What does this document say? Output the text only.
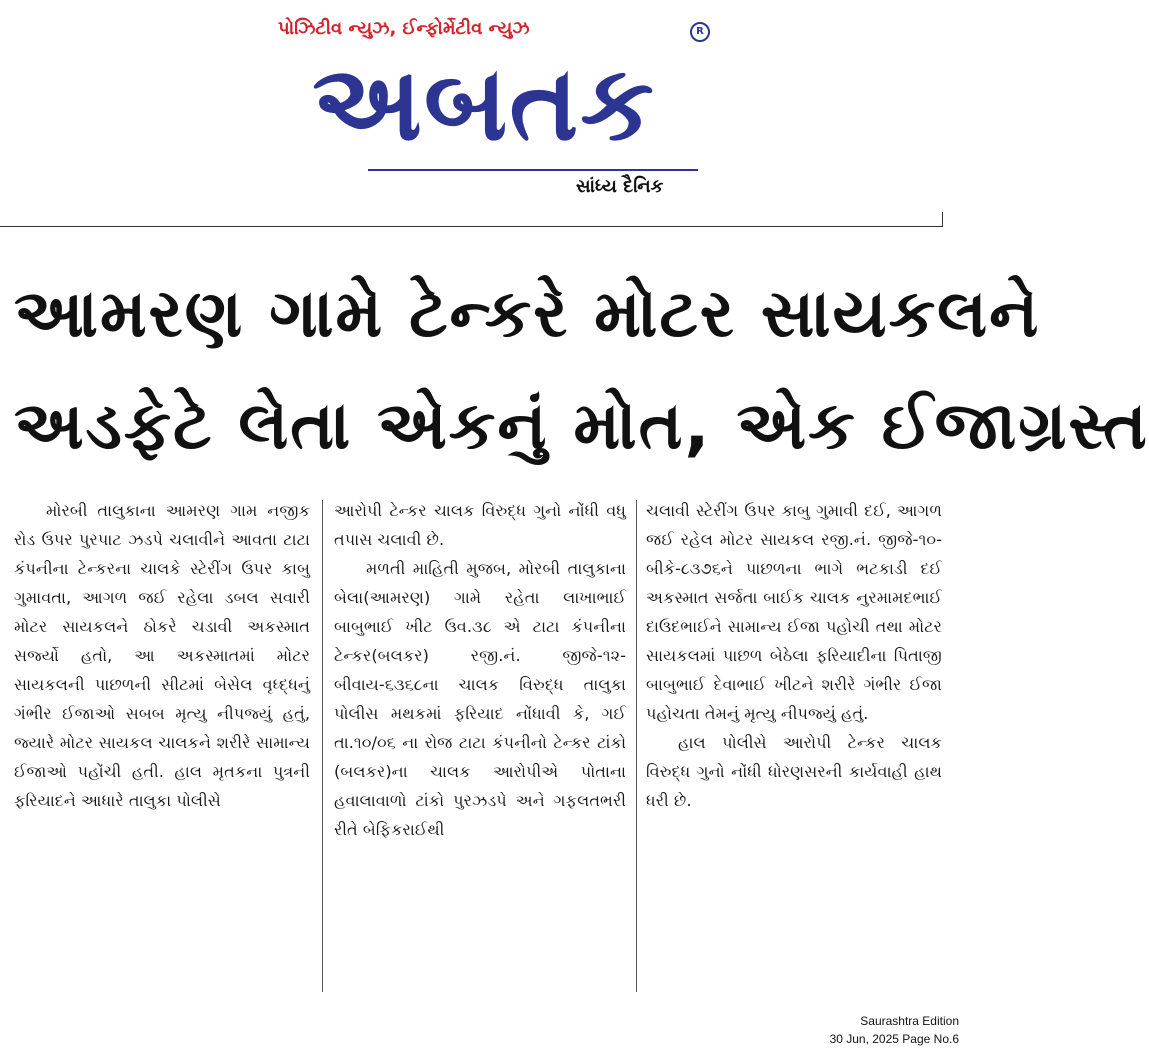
પોઝિટીવ ન્યુઝ, ઈન્ફોર્મેટીવ ન્યુઝ	R
અબતક
સાંધ્ય દૈનિક
આમરણ ગામે ટેન્કરે મોટર સાયકલને
અડફેટે લેતા એકનું મોત, એક ઈજાગ્રસ્ત

મોરબી તાલુકાના આમરણ ગામ નજીક રોડ ઉપર પુરપાટ ઝડપે ચલાવીને આવતા ટાટા કંપનીના ટેન્કરના ચાલકે સ્ટેરીંગ ઉપર કાબુ ગુમાવતા, આગળ જઈ રહેલા ડબલ સવારી મોટર સાયકલને ઠોકરે ચડાવી અકસ્માત સર્જ્યો હતો, આ અકસ્માતમાં મોટર સાયકલની પાછળની સીટમાં બેસેલ વૃધ્દ્ધનું ગંભીર ઈજાઓ સબબ મૃત્યુ નીપજ્યું હતું, જ્યારે મોટર સાયકલ ચાલકને શરીરે સામાન્ય ઈજાઓ પહોંચી હતી. હાલ મૃતકના પુત્રની ફરિયાદને આધારે તાલુકા પોલીસે

આરોપી ટેન્કર ચાલક વિરુદ્ધ ગુનો નોંધી વધુ તપાસ ચલાવી છે.

મળતી માહિતી મુજબ, મોરબી તાલુકાના બેલા(આમરણ) ગામે રહેતા લાખાભાઈ બાબુભાઈ ખીટ ઉવ.૩૮ એ ટાટા કંપનીના ટેન્કર(બલકર) રજી.નં. જીજે-૧૨-બીવાય-૬૩૬૮ના ચાલક વિરુદ્ધ તાલુકા પોલીસ મથકમાં ફરિયાદ નોંધાવી કે, ગઈ તા.૧૦/૦૬ ના રોજ ટાટા કંપનીનો ટેન્કર ટાંકો (બલકર)ના ચાલક આરોપીએ પોતાના હવાલાવાળો ટાંકો પુરઝડપે અને ગફલતભરી રીતે બેફિકરાઈથી

ચલાવી સ્ટેરીંગ ઉપર કાબુ ગુમાવી દઈ, આગળ જઈ રહેલ મોટર સાયકલ રજી.નં. જીજે-૧૦-બીકે-૮૩૭૬ને પાછળના ભાગે ભટકાડી દઈ અકસ્માત સર્જતા બાઈક ચાલક નુરમામદભાઈ દાઉદભાઈને સામાન્ય ઈજા પહોચી તથા મોટર સાયકલમાં પાછળ બેઠેલા ફરિયાદીના પિતાજી બાબુભાઈ દેવાભાઈ ખીટને શરીરે ગંભીર ઈજા પહોચતા તેમનું મૃત્યુ નીપજ્યું હતું.

હાલ પોલીસે આરોપી ટેન્કર ચાલક વિરુદ્ધ ગુનો નોંધી ધોરણસરની કાર્યવાહી હાથ ધરી છે.

Saurashtra Edition
30 Jun, 2025 Page No.6
